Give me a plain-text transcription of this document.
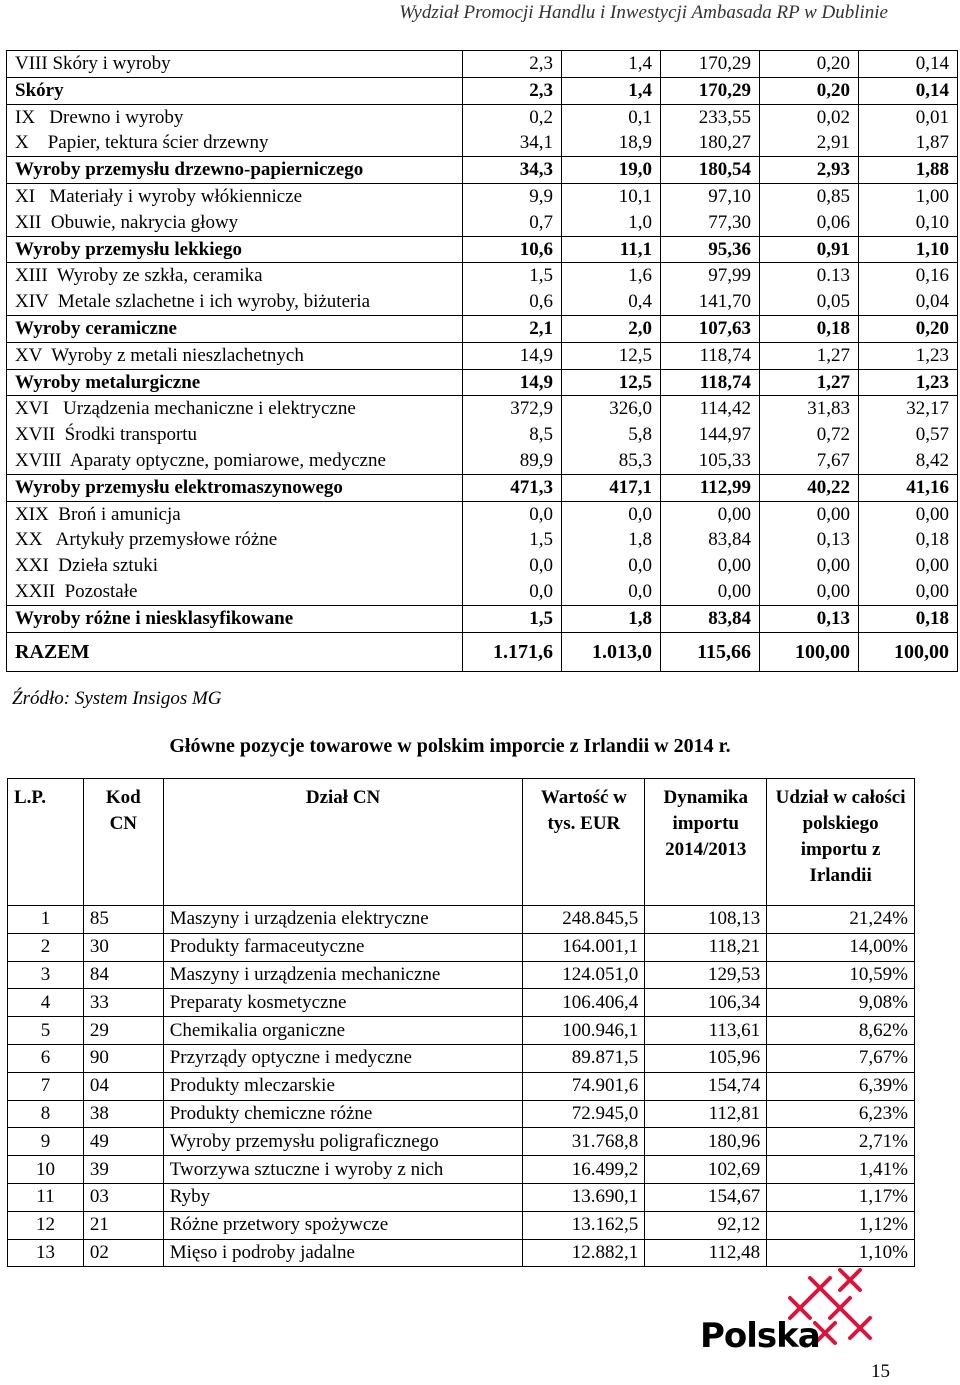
Wydział Promocji Handlu i Inwestycji Ambasada RP w Dublinie
VIII Skóry i wyroby	2,3	1,4	170,29	0,20	0,14
Skóry	2,3	1,4	170,29	0,20	0,14
IX   Drewno i wyroby	0,2	0,1	233,55	0,02	0,01
X    Papier, tektura ścier drzewny	34,1	18,9	180,27	2,91	1,87
Wyroby przemysłu drzewno-papierniczego	34,3	19,0	180,54	2,93	1,88
XI   Materiały i wyroby włókiennicze	9,9	10,1	97,10	0,85	1,00
XII  Obuwie, nakrycia głowy	0,7	1,0	77,30	0,06	0,10
Wyroby przemysłu lekkiego	10,6	11,1	95,36	0,91	1,10
XIII  Wyroby ze szkła, ceramika	1,5	1,6	97,99	0.13	0,16
XIV  Metale szlachetne i ich wyroby, biżuteria	0,6	0,4	141,70	0,05	0,04
Wyroby ceramiczne	2,1	2,0	107,63	0,18	0,20
XV  Wyroby z metali nieszlachetnych	14,9	12,5	118,74	1,27	1,23
Wyroby metalurgiczne	14,9	12,5	118,74	1,27	1,23
XVI   Urządzenia mechaniczne i elektryczne	372,9	326,0	114,42	31,83	32,17
XVII  Środki transportu	8,5	5,8	144,97	0,72	0,57
XVIII  Aparaty optyczne, pomiarowe, medyczne	89,9	85,3	105,33	7,67	8,42
Wyroby przemysłu elektromaszynowego	471,3	417,1	112,99	40,22	41,16
XIX  Broń i amunicja	0,0	0,0	0,00	0,00	0,00
XX   Artykuły przemysłowe różne	1,5	1,8	83,84	0,13	0,18
XXI  Dzieła sztuki	0,0	0,0	0,00	0,00	0,00
XXII  Pozostałe	0,0	0,0	0,00	0,00	0,00
Wyroby różne i niesklasyfikowane	1,5	1,8	83,84	0,13	0,18
RAZEM	1.171,6	1.013,0	115,66	100,00	100,00
Źródło: System Insigos MG
Główne pozycje towarowe w polskim imporcie z Irlandii w 2014 r.
L.P.	Kod CN	Dział CN	Wartość w tys. EUR	Dynamika importu 2014/2013	Udział w całości polskiego importu z Irlandii
1	85	Maszyny i urządzenia elektryczne	248.845,5	108,13	21,24%
2	30	Produkty farmaceutyczne	164.001,1	118,21	14,00%
3	84	Maszyny i urządzenia mechaniczne	124.051,0	129,53	10,59%
4	33	Preparaty kosmetyczne	106.406,4	106,34	9,08%
5	29	Chemikalia organiczne	100.946,1	113,61	8,62%
6	90	Przyrządy optyczne i medyczne	89.871,5	105,96	7,67%
7	04	Produkty mleczarskie	74.901,6	154,74	6,39%
8	38	Produkty chemiczne różne	72.945,0	112,81	6,23%
9	49	Wyroby przemysłu poligraficznego	31.768,8	180,96	2,71%
10	39	Tworzywa sztuczne i wyroby z nich	16.499,2	102,69	1,41%
11	03	Ryby	13.690,1	154,67	1,17%
12	21	Różne przetwory spożywcze	13.162,5	92,12	1,12%
13	02	Mięso i podroby jadalne	12.882,1	112,48	1,10%
Polska
15
